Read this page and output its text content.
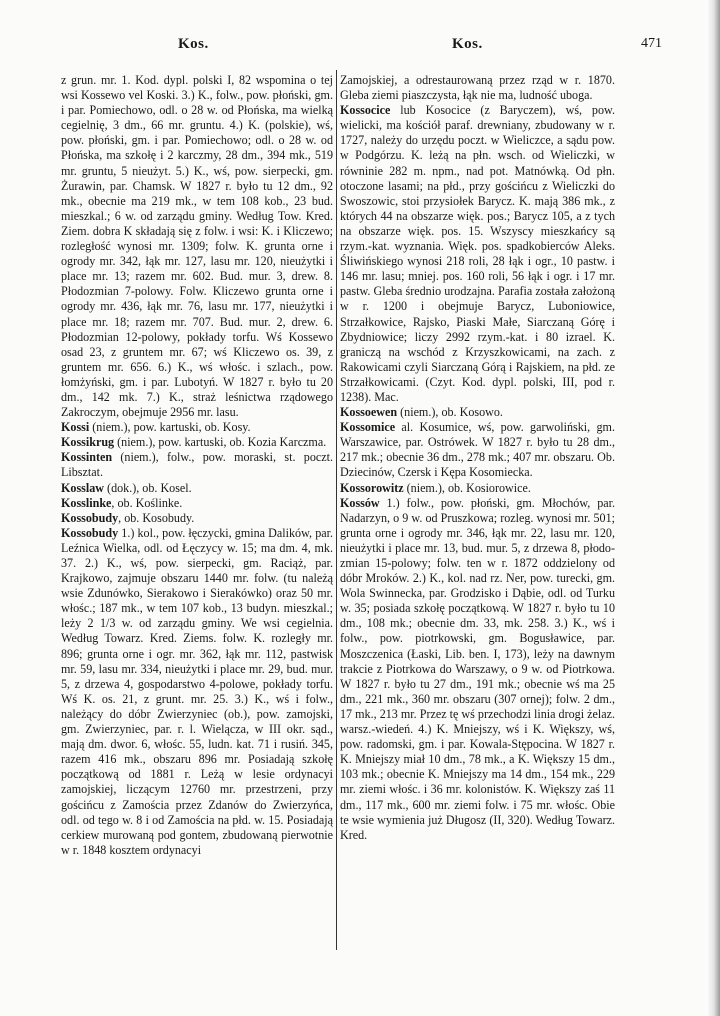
Kos.	Kos.	471

z grun. mr. 1. Kod. dypl. polski I, 82 wspomina o tej wsi Kossewo vel Koski. 3.) K., folw., pow. płoński, gm. i par. Pomiechowo, odl. o 28 w. od Płońska, ma wielką cegielnię, 3 dm., 66 mr. gruntu. 4.) K. (polskie), wś, pow. płoński, gm. i par. Pomiechowo; odl. o 28 w. od Płońska, ma szkołę i 2 karczmy, 28 dm., 394 mk., 519 mr. gruntu, 5 nieużyt. 5.) K., wś, pow. sierpecki, gm. Żurawin, par. Chamsk. W 1827 r. było tu 12 dm., 92 mk., obecnie ma 219 mk., w tem 108 kob., 23 bud. mieszkal.; 6 w. od zarządu gminy. Według Tow. Kred. Ziem. dobra K składają się z folw. i wsi: K. i Kliczewo; rozległość wynosi mr. 1309; folw. K. grunta orne i ogrody mr. 342, łąk mr. 127, lasu mr. 120, nieużytki i place mr. 13; razem mr. 602. Bud. mur. 3, drew. 8. Płodozmian 7-polowy. Folw. Kliczewo grunta orne i ogrody mr. 436, łąk mr. 76, lasu mr. 177, nieużytki i place mr. 18; razem mr. 707. Bud. mur. 2, drew. 6. Płodozmian 12-polowy, pokłady torfu. Wś Kossewo osad 23, z gruntem mr. 67; wś Kliczewo os. 39, z gruntem mr. 656. 6.) K., wś włośc. i szlach., pow. łomżyński, gm. i par. Lubotyń. W 1827 r. było tu 20 dm., 142 mk. 7.) K., straż leśnictwa rządowego Zakroczym, obejmuje 2956 mr. lasu.

Kossi (niem.), pow. kartuski, ob. Kosy.

Kossikrug (niem.), pow. kartuski, ob. Kozia Karczma.

Kossinten (niem.), folw., pow. moraski, st. poczt. Libsztat.

Kosslaw (dok.), ob. Kosel.

Kosslinke, ob. Koślinke.

Kossobudy, ob. Kosobudy.

Kossobudy 1.) kol., pow. łęczycki, gmina Dalików, par. Leźnica Wielka, odl. od Łęczycy w. 15; ma dm. 4, mk. 37. 2.) K., wś, pow. sierpecki, gm. Raciąż, par. Krajkowo, zajmuje obszaru 1440 mr. folw. (tu należą wsie Zdunówko, Sierakowo i Sierakówko) oraz 50 mr. włośc.; 187 mk., w tem 107 kob., 13 budyn. mieszkal.; leży 2 1/3 w. od zarządu gminy. We wsi cegielnia. Według Towarz. Kred. Ziems. folw. K. rozległy mr. 896; grunta orne i ogr. mr. 362, łąk mr. 112, pastwisk mr. 59, lasu mr. 334, nieużytki i place mr. 29, bud. mur. 5, z drzewa 4, gospodarstwo 4-polowe, pokłady torfu. Wś K. os. 21, z grunt. mr. 25. 3.) K., wś i folw., należący do dóbr Zwierzyniec (ob.), pow. zamojski, gm. Zwierzyniec, par. r. l. Wielącza, w III okr. sąd., mają dm. dwor. 6, włośc. 55, ludn. kat. 71 i rusiń. 345, razem 416 mk., obszaru 896 mr. Posiadają szkołę początkową od 1881 r. Leżą w lesie ordynacyi zamojskiej, liczącym 12760 mr. przestrzeni, przy gościńcu z Zamościa przez Zdanów do Zwierzyńca, odl. od tego w. 8 i od Zamościa na płd. w. 15. Posiadają cerkiew murowaną pod gontem, zbudowaną pierwotnie w r. 1848 kosztem ordynacyi

Zamojskiej, a odrestaurowaną przez rząd w r. 1870. Gleba ziemi piaszczysta, łąk nie ma, ludność uboga.

Kossocice lub Kosocice (z Baryczem), wś, pow. wielicki, ma kościół paraf. drewniany, zbudowany w r. 1727, należy do urzędu poczt. w Wieliczce, a sądu pow. w Podgórzu. K. leżą na płn. wsch. od Wieliczki, w równinie 282 m. npm., nad pot. Matnówką. Od płn. otoczone lasami; na płd., przy gościńcu z Wieliczki do Swoszowic, stoi przysiołek Barycz. K. mają 386 mk., z których 44 na obszarze więk. pos.; Barycz 105, a z tych na obszarze więk. pos. 15. Wszyscy mieszkańcy są rzym.-kat. wyznania. Więk. pos. spadkobierców Aleks. Śliwińskiego wynosi 218 roli, 28 łąk i ogr., 10 pastw. i 146 mr. lasu; mniej. pos. 160 roli, 56 łąk i ogr. i 17 mr. pastw. Gleba średnio urodzajna. Parafia została założoną w r. 1200 i obejmuje Barycz, Luboniowice, Strzałkowice, Rajsko, Piaski Małe, Siarczaną Górę i Zbydniowice; liczy 2992 rzym.-kat. i 80 izrael. K. graniczą na wschód z Krzyszkowicami, na zach. z Rakowicami czyli Siarczaną Górą i Rajskiem, na płd. ze Strzałkowicami. (Czyt. Kod. dypl. polski, III, pod r. 1238). Mac.

Kossoewen (niem.), ob. Kosowo.

Kossomice al. Kosumice, wś, pow. garwoliński, gm. Warszawice, par. Ostrówek. W 1827 r. było tu 28 dm., 217 mk.; obecnie 36 dm., 278 mk.; 407 mr. obszaru. Ob. Dziecinów, Czersk i Kępa Kosomiecka.

Kossorowitz (niem.), ob. Kosiorowice.

Kossów 1.) folw., pow. płoński, gm. Młochów, par. Nadarzyn, o 9 w. od Pruszkowa; rozleg. wynosi mr. 501; grunta orne i ogrody mr. 346, łąk mr. 22, lasu mr. 120, nieużytki i place mr. 13, bud. mur. 5, z drzewa 8, płodozmian 15-polowy; folw. ten w r. 1872 oddzielony od dóbr Mroków. 2.) K., kol. nad rz. Ner, pow. turecki, gm. Wola Swinnecka, par. Grodzisko i Dąbie, odl. od Turku w. 35; posiada szkołę początkową. W 1827 r. było tu 10 dm., 108 mk.; obecnie dm. 33, mk. 258. 3.) K., wś i folw., pow. piotrkowski, gm. Bogusławice, par. Moszczenica (Łaski, Lib. ben. I, 173), leży na dawnym trakcie z Piotrkowa do Warszawy, o 9 w. od Piotrkowa. W 1827 r. było tu 27 dm., 191 mk.; obecnie wś ma 25 dm., 221 mk., 360 mr. obszaru (307 ornej); folw. 2 dm., 17 mk., 213 mr. Przez tę wś przechodzi linia drogi żelaz. warsz.-wiedeń. 4.) K. Mniejszy, wś i K. Większy, wś, pow. radomski, gm. i par. Kowala-Stępocina. W 1827 r. K. Mniejszy miał 10 dm., 78 mk., a K. Większy 15 dm., 103 mk.; obecnie K. Mniejszy ma 14 dm., 154 mk., 229 mr. ziemi włośc. i 36 mr. kolonistów. K. Większy zaś 11 dm., 117 mk., 600 mr. ziemi folw. i 75 mr. włośc. Obie te wsie wymienia już Długosz (II, 320). Według Towarz. Kred.
